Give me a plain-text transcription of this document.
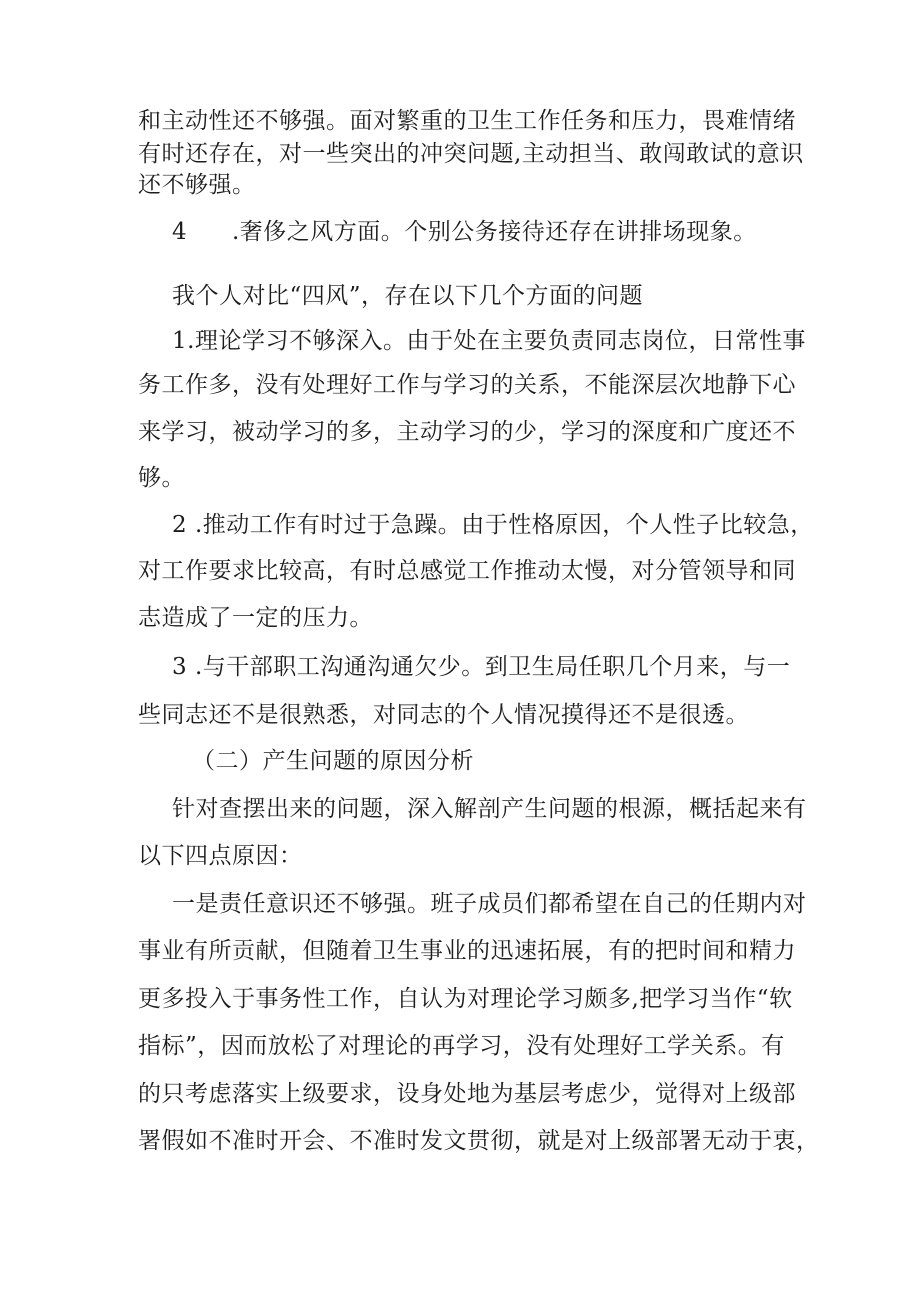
和主动性还不够强。面对繁重的卫生工作任务和压力，畏难情绪
有时还存在，对一些突出的冲突问题,主动担当、敢闯敢试的意识
还不够强。
4 .奢侈之风方面。个别公务接待还存在讲排场现象。
我个人对比“四风”，存在以下几个方面的问题
1.理论学习不够深入。由于处在主要负责同志岗位，日常性事
务工作多，没有处理好工作与学习的关系，不能深层次地静下心
来学习，被动学习的多，主动学习的少，学习的深度和广度还不
够。
2 .推动工作有时过于急躁。由于性格原因，个人性子比较急，
对工作要求比较高，有时总感觉工作推动太慢，对分管领导和同
志造成了一定的压力。
3 .与干部职工沟通沟通欠少。到卫生局任职几个月来，与一
些同志还不是很熟悉，对同志的个人情况摸得还不是很透。
（二）产生问题的原因分析
针对查摆出来的问题，深入解剖产生问题的根源，概括起来有
以下四点原因：
一是责任意识还不够强。班子成员们都希望在自己的任期内对
事业有所贡献，但随着卫生事业的迅速拓展，有的把时间和精力
更多投入于事务性工作，自认为对理论学习颇多,把学习当作“软
指标”，因而放松了对理论的再学习，没有处理好工学关系。有
的只考虑落实上级要求，设身处地为基层考虑少，觉得对上级部
署假如不准时开会、不准时发文贯彻，就是对上级部署无动于衷，
